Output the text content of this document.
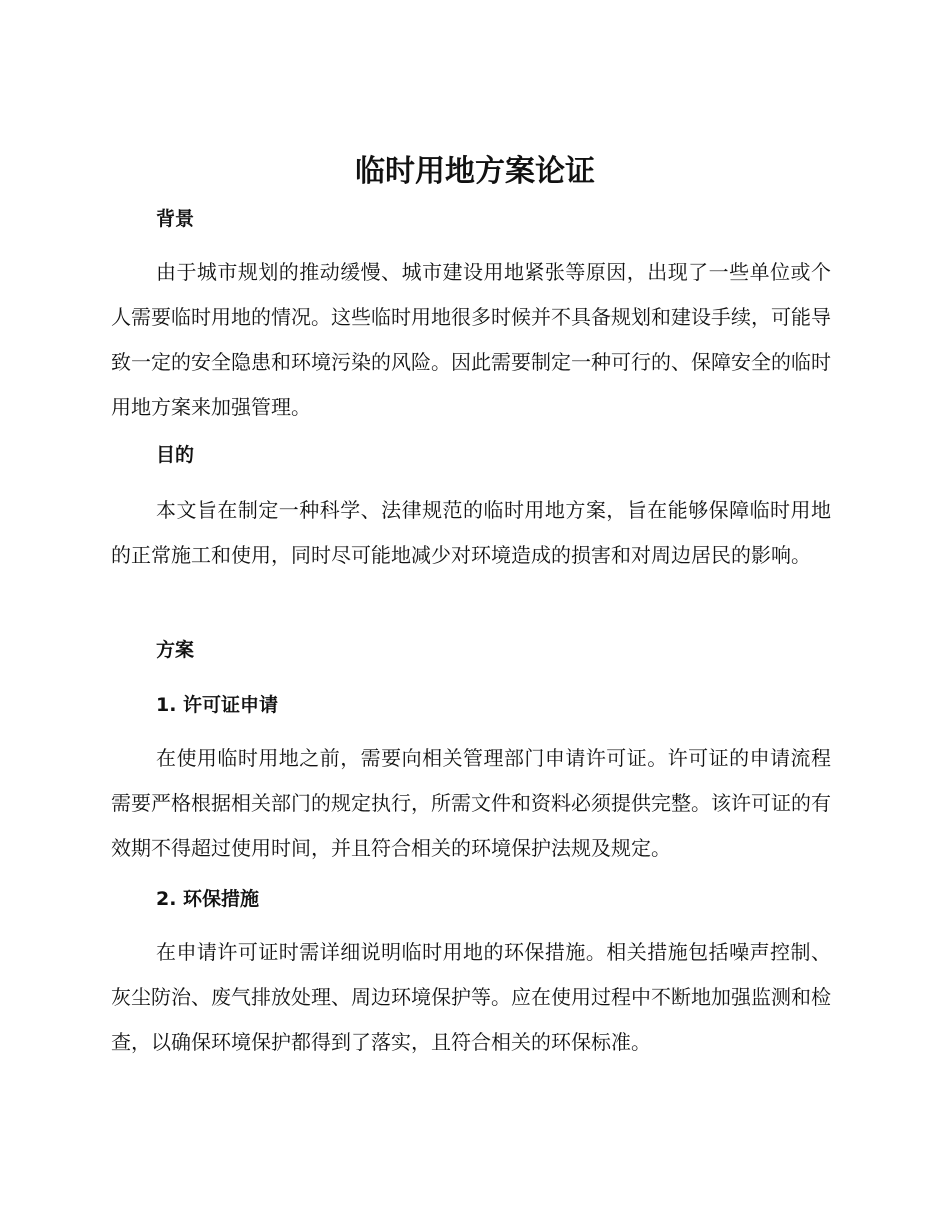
临时用地方案论证
背景

由于城市规划的推动缓慢、城市建设用地紧张等原因，出现了一些单位或个人需要临时用地的情况。这些临时用地很多时候并不具备规划和建设手续，可能导致一定的安全隐患和环境污染的风险。因此需要制定一种可行的、保障安全的临时用地方案来加强管理。

目的

本文旨在制定一种科学、法律规范的临时用地方案，旨在能够保障临时用地的正常施工和使用，同时尽可能地减少对环境造成的损害和对周边居民的影响。

方案
1. 许可证申请

在使用临时用地之前，需要向相关管理部门申请许可证。许可证的申请流程需要严格根据相关部门的规定执行，所需文件和资料必须提供完整。该许可证的有效期不得超过使用时间，并且符合相关的环境保护法规及规定。

2. 环保措施

在申请许可证时需详细说明临时用地的环保措施。相关措施包括噪声控制、灰尘防治、废气排放处理、周边环境保护等。应在使用过程中不断地加强监测和检查，以确保环境保护都得到了落实，且符合相关的环保标准。
